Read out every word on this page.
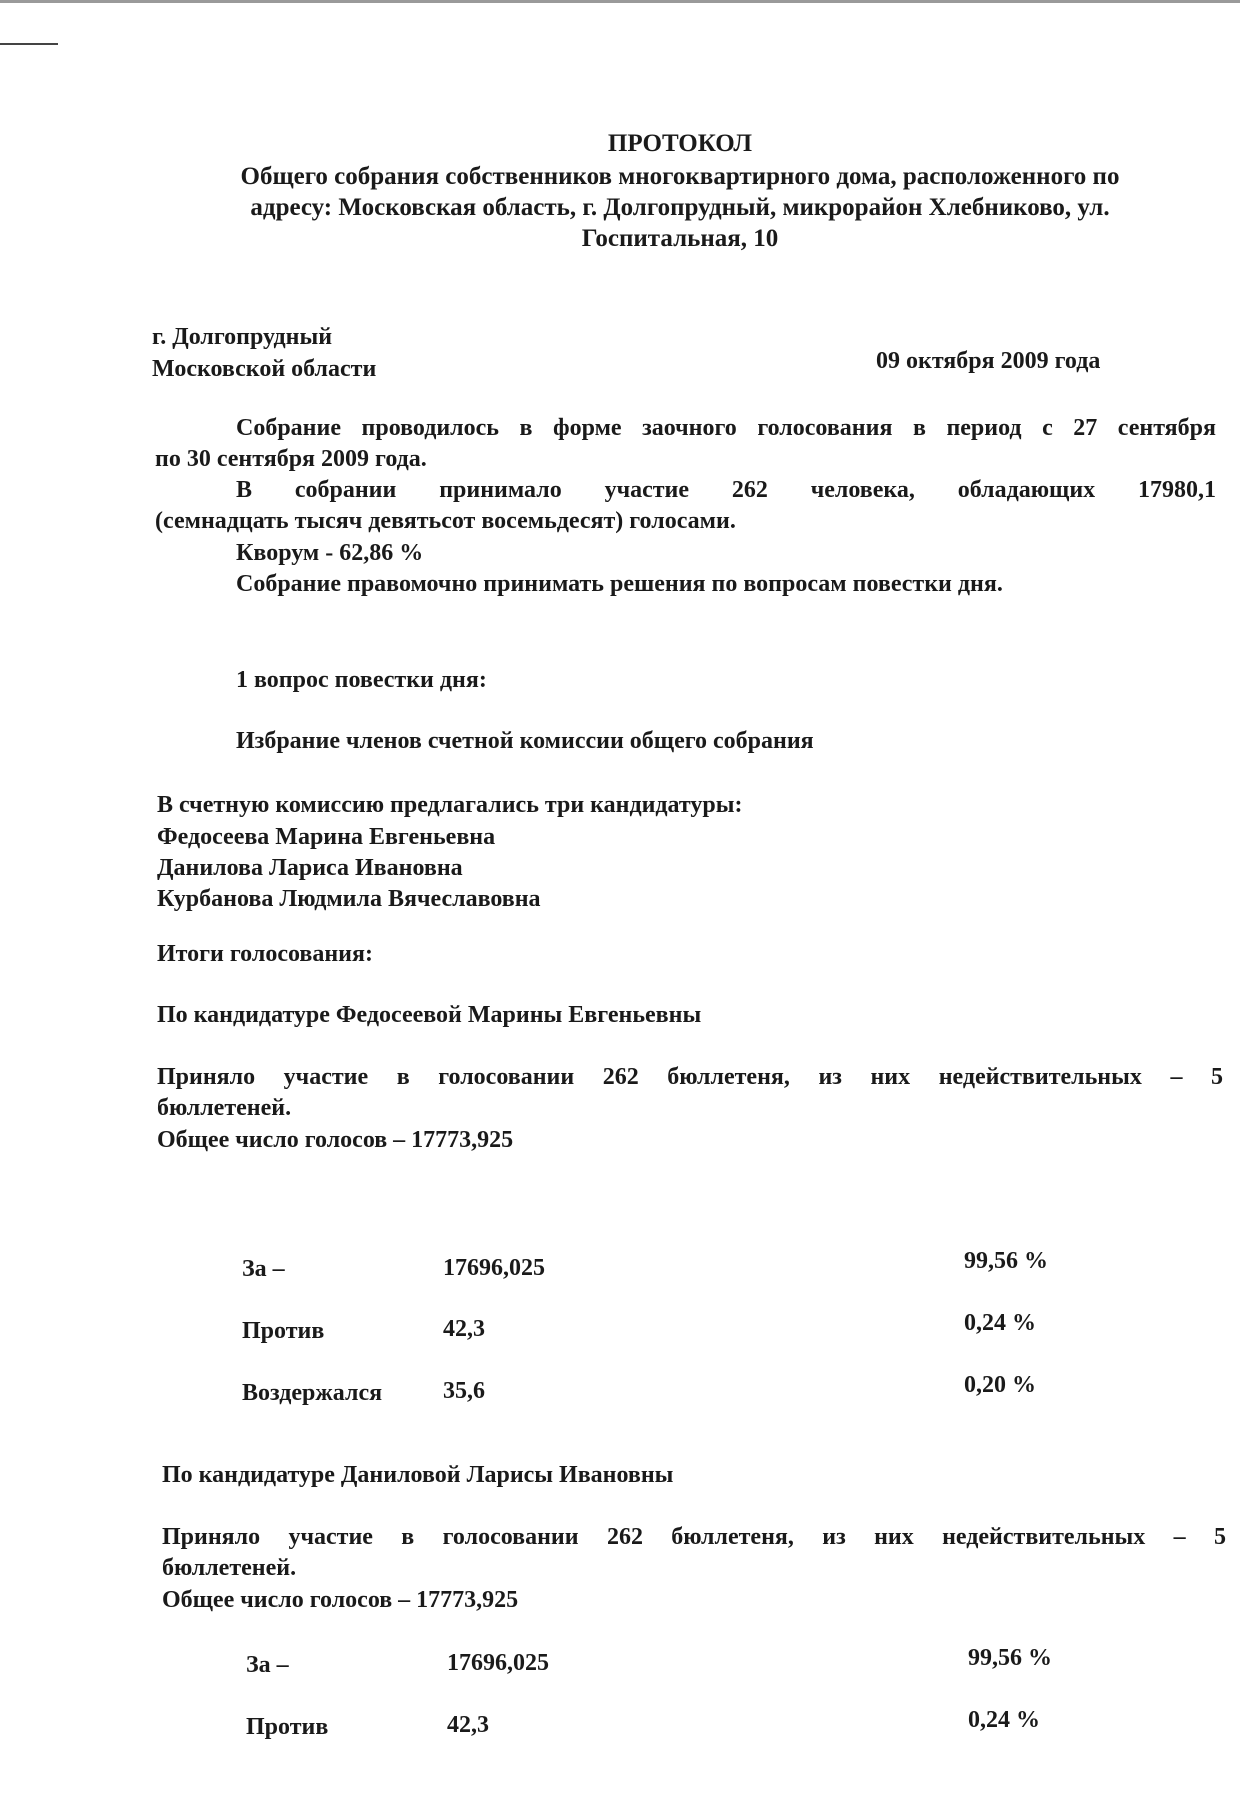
ПРОТОКОЛ
Общего собрания собственников многоквартирного дома, расположенного по
адресу: Московская область, г. Долгопрудный, микрорайон Хлебниково, ул.
Госпитальная, 10
г. Долгопрудный
Московской области	09 октября 2009 года
Собрание проводилось в форме заочного голосования в период с 27 сентября
по 30 сентября 2009 года.
В собрании принимало участие 262 человека, обладающих 17980,1
(семнадцать тысяч девятьсот восемьдесят) голосами.
Кворум - 62,86 %
Собрание правомочно принимать решения по вопросам повестки дня.
1 вопрос повестки дня:
Избрание членов счетной комиссии общего собрания
В счетную комиссию предлагались три кандидатуры:
Федосеева Марина Евгеньевна
Данилова Лариса Ивановна
Курбанова Людмила Вячеславовна
Итоги голосования:
По кандидатуре Федосеевой Марины Евгеньевны
Приняло участие в голосовании 262 бюллетеня, из них недействительных – 5
бюллетеней.
Общее число голосов – 17773,925
За –	17696,025	99,56 %
Против	42,3	0,24 %
Воздержался	35,6	0,20 %
По кандидатуре Даниловой Ларисы Ивановны
Приняло участие в голосовании 262 бюллетеня, из них недействительных – 5
бюллетеней.
Общее число голосов – 17773,925
За –	17696,025	99,56 %
Против	42,3	0,24 %
